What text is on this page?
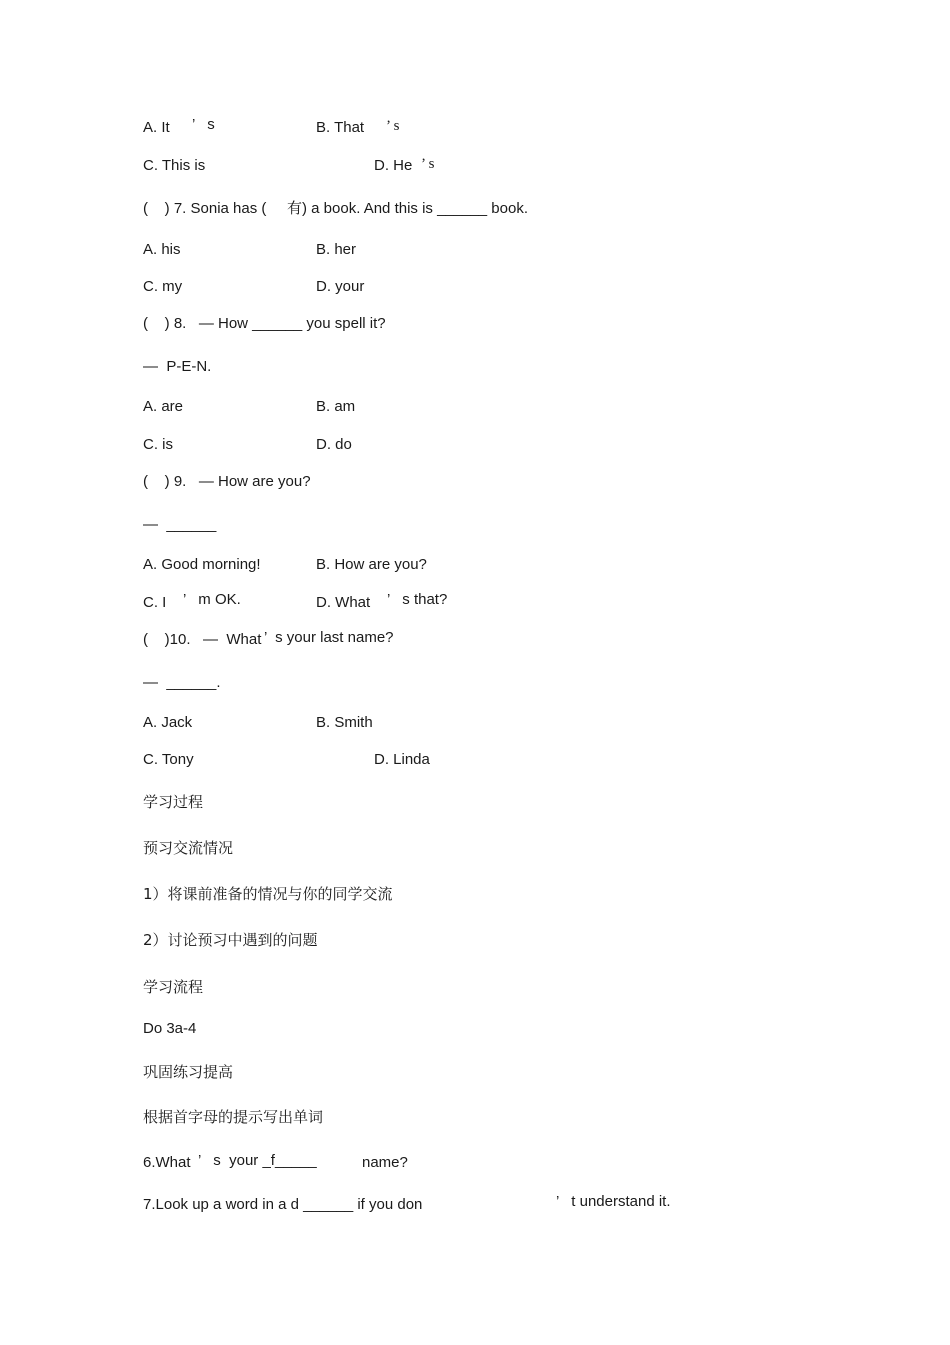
A. It ’   s	B. That ’ s
C. This is	D. He ’ s
(    ) 7. Sonia has ( 有 ) a book. And this is ______ book.
A. his	B. her
C. my	D. your
(    ) 8.   — How ______ you spell it?
—  P-E-N.
A. are	B. am
C. is	D. do
(    ) 9.   — How are you?
—  ______
A. Good morning!	B. How are you?
C. I ’   m OK.	D. What ’   s that?
(    )10.   —  What ’  s your last name?
—  ______.
A. Jack	B. Smith
C. Tony	D. Linda
学习过程
预习交流情况
1）将课前准备的情况与你的同学交流
2）讨论预习中遇到的问题
学习流程
Do 3a-4
巩固练习提高
根据首字母的提示写出单词
6.What ’   s  your _f_____	name?
7.Look up a word in a d ______ if you don	’   t understand it.
